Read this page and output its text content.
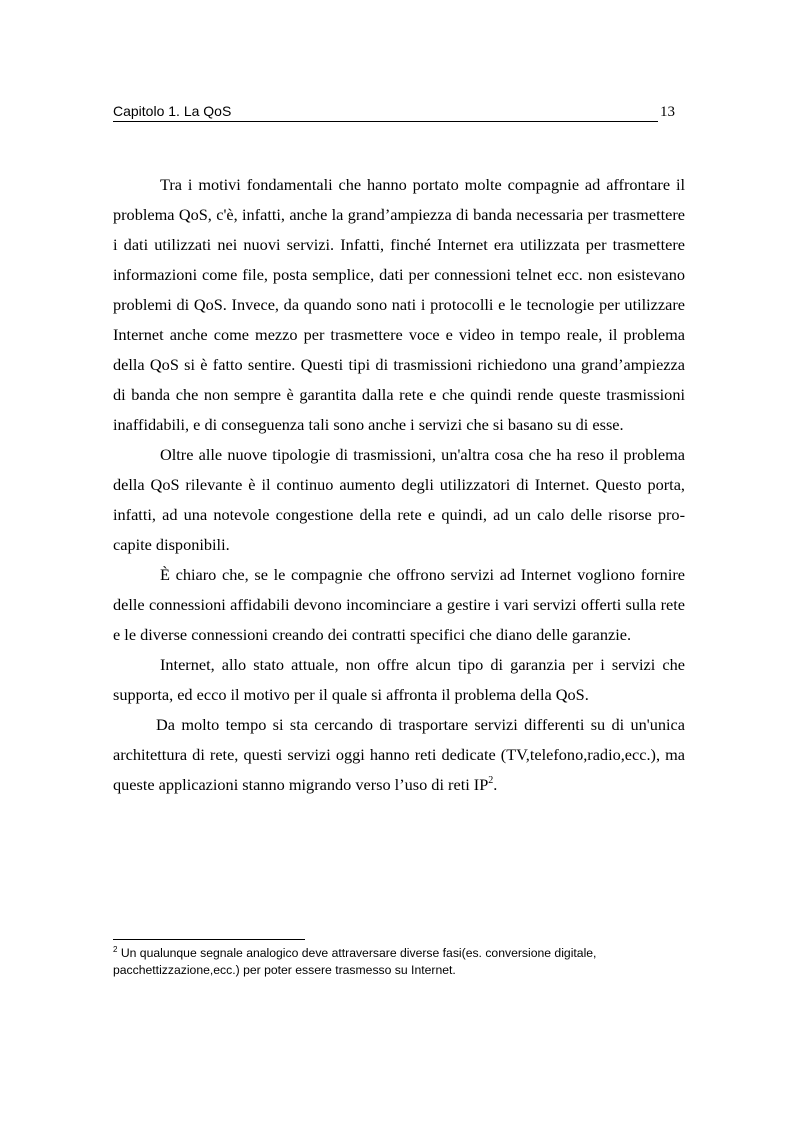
Capitolo 1. La QoS	13

Tra i motivi fondamentali che hanno portato molte compagnie ad affrontare il problema QoS, c'è, infatti, anche la grand’ampiezza di banda necessaria per trasmettere i dati utilizzati nei nuovi servizi. Infatti, finché Internet era utilizzata per trasmettere informazioni come file, posta semplice, dati per connessioni telnet ecc. non esistevano problemi di QoS. Invece, da quando sono nati i protocolli e le tecnologie per utilizzare Internet anche come mezzo per trasmettere voce e video in tempo reale, il problema della QoS si è fatto sentire. Questi tipi di trasmissioni richiedono una grand’ampiezza di banda che non sempre è garantita dalla rete e che quindi rende queste trasmissioni inaffidabili, e di conseguenza tali sono anche i servizi che si basano su di esse.

Oltre alle nuove tipologie di trasmissioni, un'altra cosa che ha reso il problema della QoS rilevante è il continuo aumento degli utilizzatori di Internet. Questo porta, infatti, ad una notevole congestione della rete e quindi, ad un calo delle risorse pro-capite disponibili.

È chiaro che, se le compagnie che offrono servizi ad Internet vogliono fornire delle connessioni affidabili devono incominciare a gestire i vari servizi offerti sulla rete e le diverse connessioni creando dei contratti specifici che diano delle garanzie.

Internet, allo stato attuale, non offre alcun tipo di garanzia per i servizi che supporta, ed ecco il motivo per il quale si affronta il problema della QoS.

Da molto tempo si sta cercando di trasportare servizi differenti su di un'unica architettura di rete, questi servizi oggi hanno reti dedicate (TV,telefono,radio,ecc.), ma queste applicazioni stanno migrando verso l’uso di reti $IP^2$.

$^2$ Un qualunque segnale analogico deve attraversare diverse fasi(es. conversione digitale, pacchettizzazione,ecc.) per poter essere trasmesso su Internet.
